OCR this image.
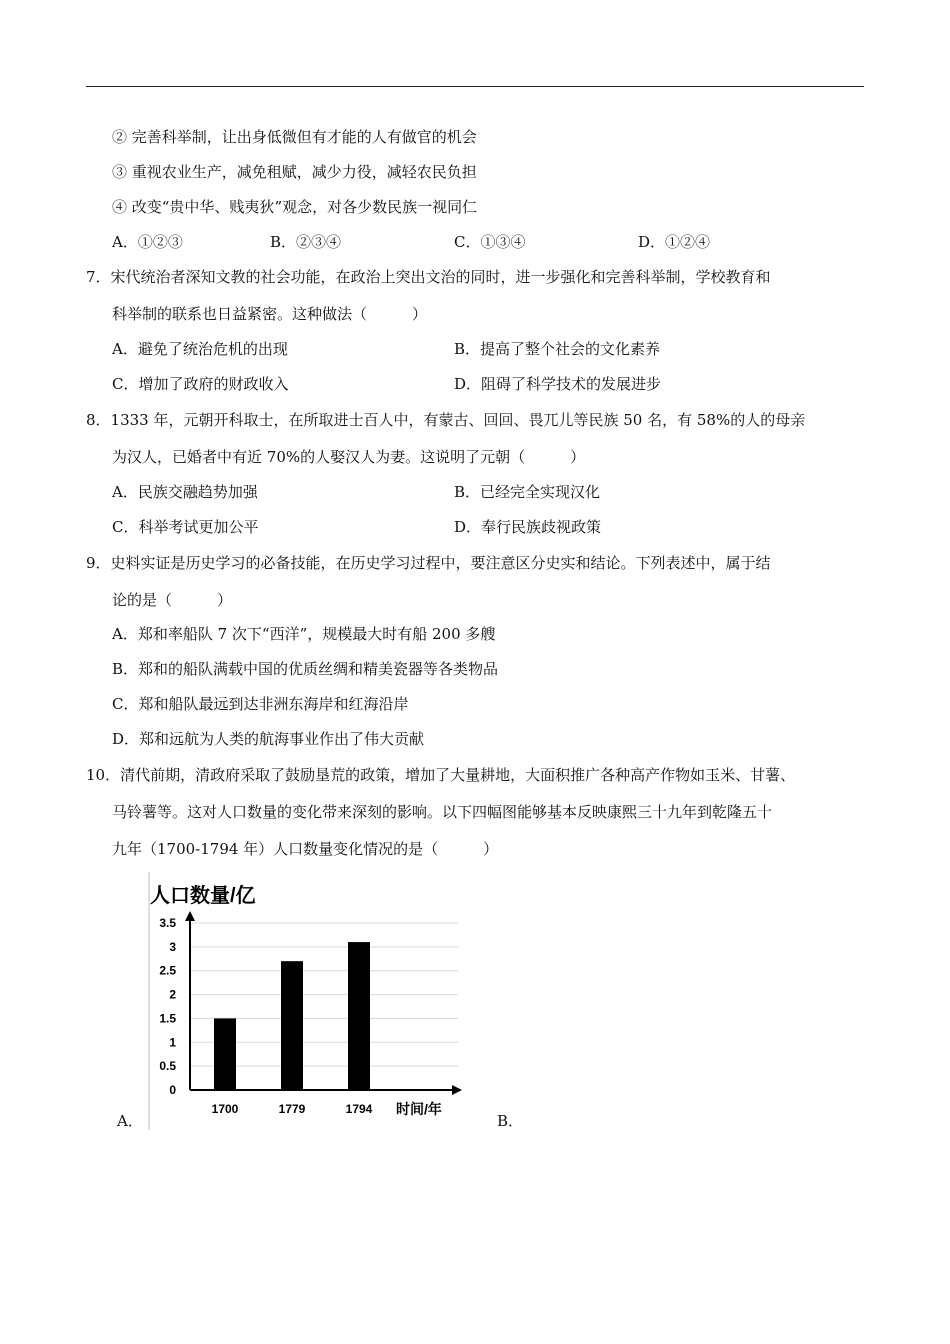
② 完善科举制，让出身低微但有才能的人有做官的机会
③ 重视农业生产，减免租赋，减少力役，减轻农民负担
④ 改变“贵中华、贱夷狄”观念，对各少数民族一视同仁
A．①②③	B．②③④	C．①③④	D．①②④
7．宋代统治者深知文教的社会功能，在政治上突出文治的同时，进一步强化和完善科举制，学校教育和
科举制的联系也日益紧密。这种做法（　　　）
A．避免了统治危机的出现	B．提高了整个社会的文化素养
C．增加了政府的财政收入	D．阻碍了科学技术的发展进步
8．1333 年，元朝开科取士，在所取进士百人中，有蒙古、回回、畏兀儿等民族 50 名，有 58%的人的母亲
为汉人，已婚者中有近 70%的人娶汉人为妻。这说明了元朝（　　　）
A．民族交融趋势加强	B．已经完全实现汉化
C．科举考试更加公平	D．奉行民族歧视政策
9．史料实证是历史学习的必备技能，在历史学习过程中，要注意区分史实和结论。下列表述中，属于结
论的是（　　　）
A．郑和率船队 7 次下“西洋”，规模最大时有船 200 多艘
B．郑和的船队满载中国的优质丝绸和精美瓷器等各类物品
C．郑和船队最远到达非洲东海岸和红海沿岸
D．郑和远航为人类的航海事业作出了伟大贡献
10．清代前期，清政府采取了鼓励垦荒的政策，增加了大量耕地，大面积推广各种高产作物如玉米、甘薯、
马铃薯等。这对人口数量的变化带来深刻的影响。以下四幅图能够基本反映康熙三十九年到乾隆五十
九年（1700-1794 年）人口数量变化情况的是（　　　）
人口数量/亿
0
0.5
1
1.5
2
2.5
3
3.5
1700	1779	1794 时间/年
A．	B．
